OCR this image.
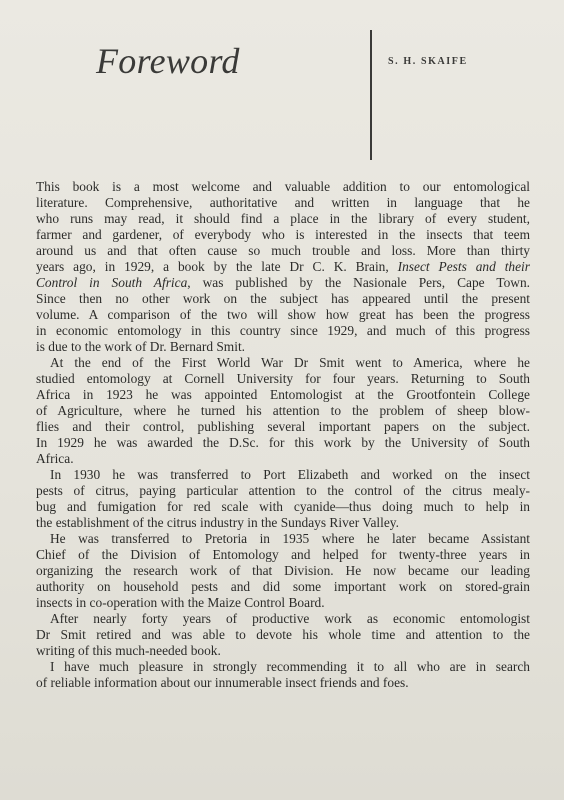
Foreword	S. H. SKAIFE

This book is a most welcome and valuable addition to our entomological
literature. Comprehensive, authoritative and written in language that he
who runs may read, it should find a place in the library of every student,
farmer and gardener, of everybody who is interested in the insects that teem
around us and that often cause so much trouble and loss. More than thirty
years ago, in 1929, a book by the late Dr C. K. Brain, Insect Pests and their
Control in South Africa, was published by the Nasionale Pers, Cape Town.
Since then no other work on the subject has appeared until the present
volume. A comparison of the two will show how great has been the progress
in economic entomology in this country since 1929, and much of this progress
is due to the work of Dr. Bernard Smit.

At the end of the First World War Dr Smit went to America, where he
studied entomology at Cornell University for four years. Returning to South
Africa in 1923 he was appointed Entomologist at the Grootfontein College
of Agriculture, where he turned his attention to the problem of sheep blow-
flies and their control, publishing several important papers on the subject.
In 1929 he was awarded the D.Sc. for this work by the University of South
Africa.

In 1930 he was transferred to Port Elizabeth and worked on the insect
pests of citrus, paying particular attention to the control of the citrus mealy-
bug and fumigation for red scale with cyanide—thus doing much to help in
the establishment of the citrus industry in the Sundays River Valley.

He was transferred to Pretoria in 1935 where he later became Assistant
Chief of the Division of Entomology and helped for twenty-three years in
organizing the research work of that Division. He now became our leading
authority on household pests and did some important work on stored-grain
insects in co-operation with the Maize Control Board.

After nearly forty years of productive work as economic entomologist
Dr Smit retired and was able to devote his whole time and attention to the
writing of this much-needed book.

I have much pleasure in strongly recommending it to all who are in search
of reliable information about our innumerable insect friends and foes.
